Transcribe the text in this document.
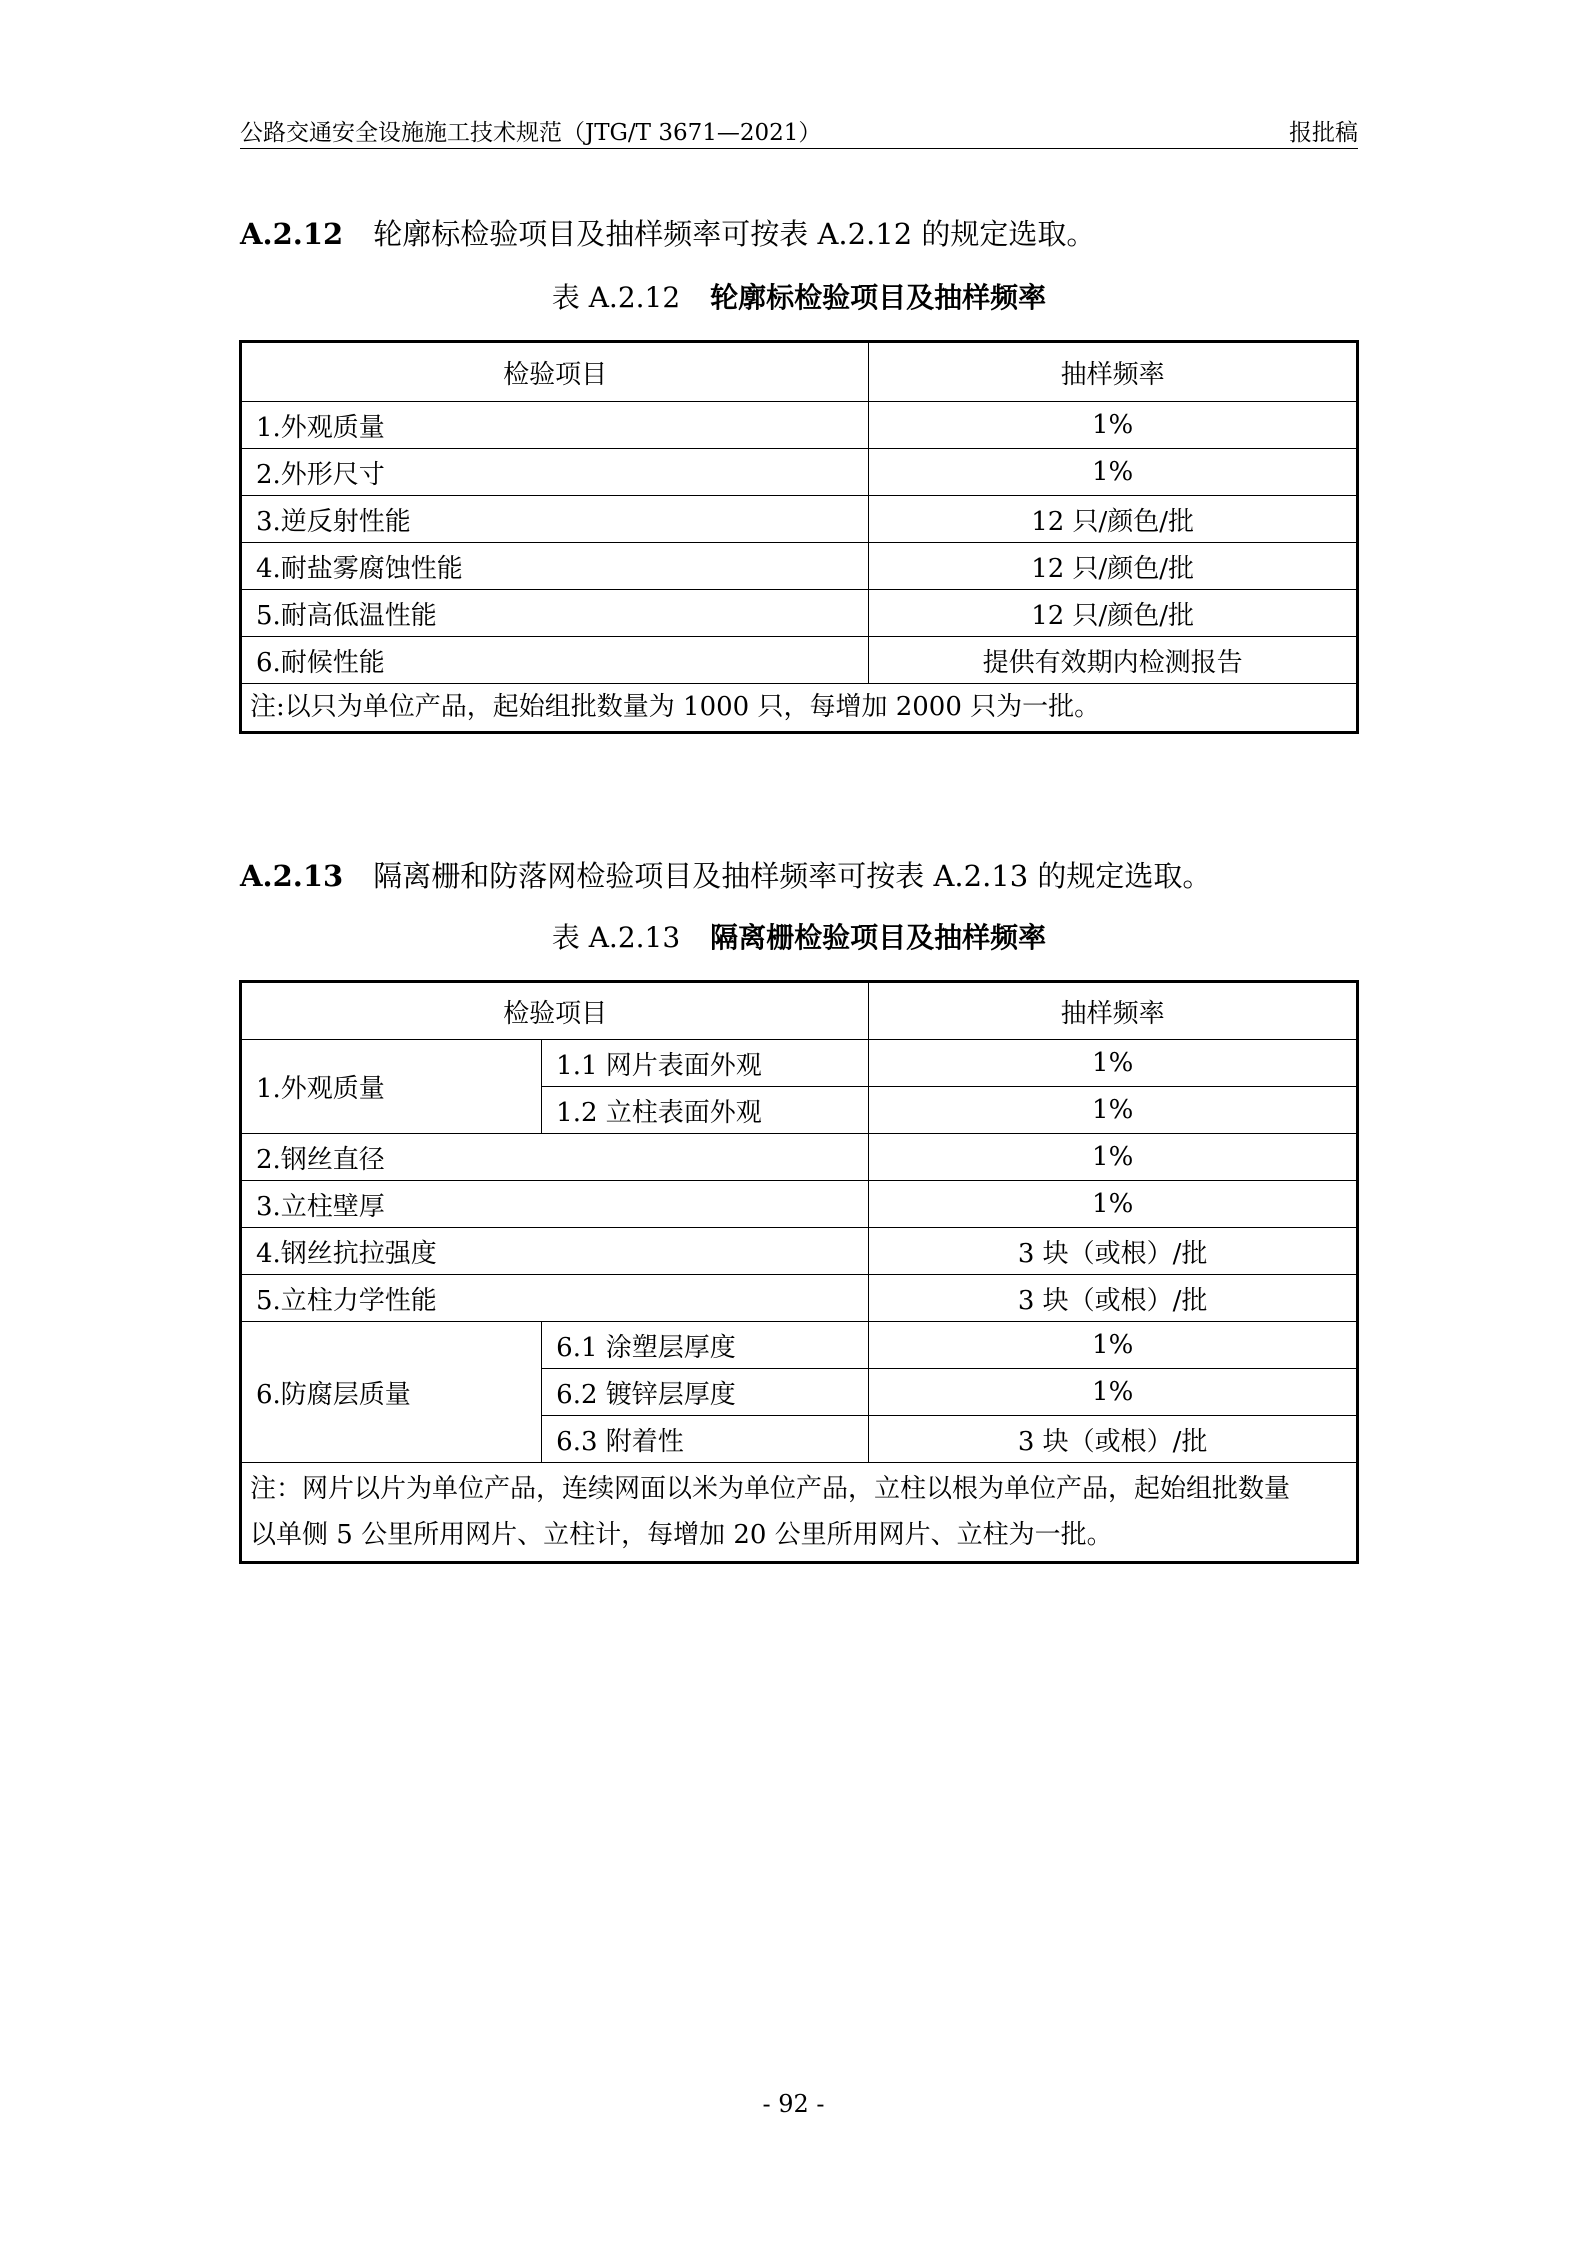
公路交通安全设施施工技术规范（JTG/T 3671—2021）	报批稿
A.2.12 轮廓标检验项目及抽样频率可按表 A.2.12 的规定选取。
表 A.2.12 轮廓标检验项目及抽样频率
检验项目	抽样频率
1.外观质量	1%
2.外形尺寸	1%
3.逆反射性能	12 只/颜色/批
4.耐盐雾腐蚀性能	12 只/颜色/批
5.耐高低温性能	12 只/颜色/批
6.耐候性能	提供有效期内检测报告
注:以只为单位产品，起始组批数量为 1000 只，每增加 2000 只为一批。	
A.2.13 隔离栅和防落网检验项目及抽样频率可按表 A.2.13 的规定选取。
表 A.2.13 隔离栅检验项目及抽样频率
检验项目		抽样频率
1.外观质量	1.1 网片表面外观	1%
	1.2 立柱表面外观	1%
2.钢丝直径		1%
3.立柱壁厚		1%
4.钢丝抗拉强度		3 块（或根）/批
5.立柱力学性能		3 块（或根）/批
6.防腐层质量	6.1 涂塑层厚度	1%
	6.2 镀锌层厚度	1%
	6.3 附着性	3 块（或根）/批

注：网片以片为单位产品，连续网面以米为单位产品，立柱以根为单位产品，起始组批数量
以单侧 5 公里所用网片、立柱计，每增加 20 公里所用网片、立柱为一批。		
- 92 -
